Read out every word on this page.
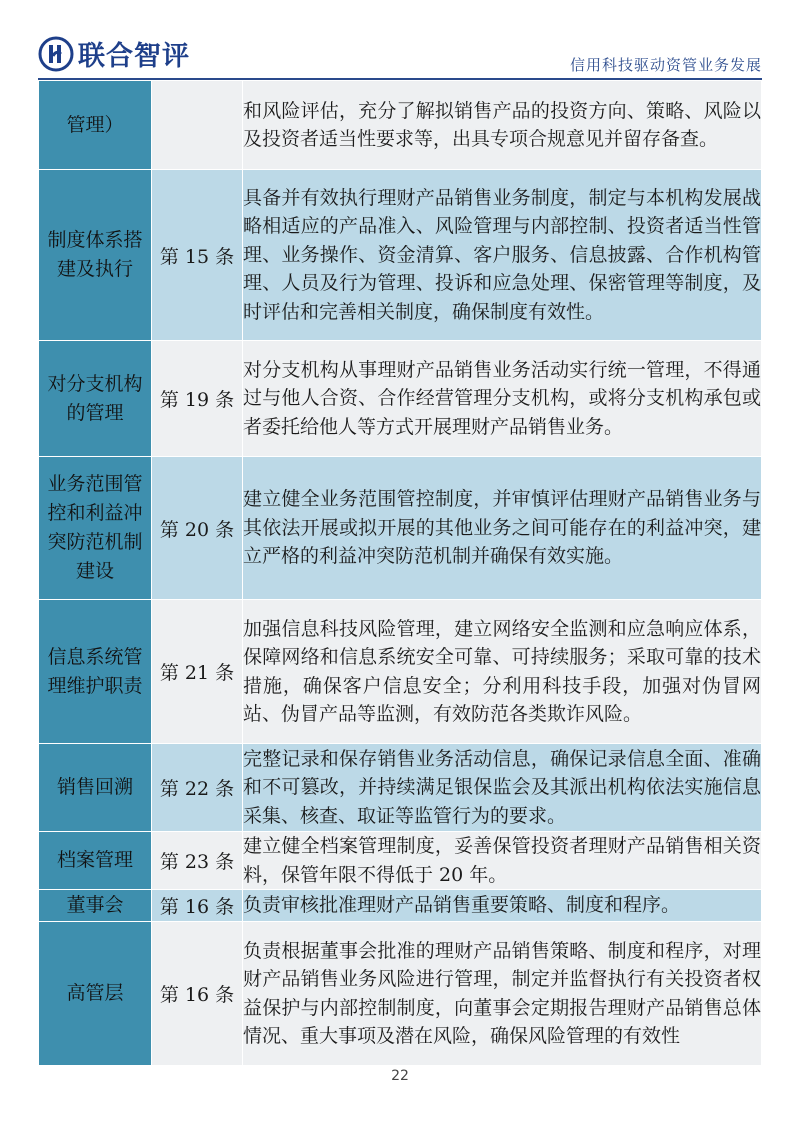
联合智评	信用科技驱动资管业务发展
管理）		和风险评估，充分了解拟销售产品的投资方向、策略、风险以及投资者适当性要求等，出具专项合规意见并留存备查。
制度体系搭建及执行	第 15 条	具备并有效执行理财产品销售业务制度，制定与本机构发展战略相适应的产品准入、风险管理与内部控制、投资者适当性管理、业务操作、资金清算、客户服务、信息披露、合作机构管理、人员及行为管理、投诉和应急处理、保密管理等制度，及时评估和完善相关制度，确保制度有效性。
对分支机构的管理	第 19 条	对分支机构从事理财产品销售业务活动实行统一管理，不得通过与他人合资、合作经营管理分支机构，或将分支机构承包或者委托给他人等方式开展理财产品销售业务。
业务范围管控和利益冲突防范机制建设	第 20 条	建立健全业务范围管控制度，并审慎评估理财产品销售业务与其依法开展或拟开展的其他业务之间可能存在的利益冲突，建立严格的利益冲突防范机制并确保有效实施。
信息系统管理维护职责	第 21 条	加强信息科技风险管理，建立网络安全监测和应急响应体系，保障网络和信息系统安全可靠、可持续服务；采取可靠的技术措施，确保客户信息安全；分利用科技手段，加强对伪冒网站、伪冒产品等监测，有效防范各类欺诈风险。
销售回溯	第 22 条	完整记录和保存销售业务活动信息，确保记录信息全面、准确和不可篡改，并持续满足银保监会及其派出机构依法实施信息采集、核查、取证等监管行为的要求。
档案管理	第 23 条	建立健全档案管理制度，妥善保管投资者理财产品销售相关资料，保管年限不得低于 20 年。
董事会	第 16 条	负责审核批准理财产品销售重要策略、制度和程序。
高管层	第 16 条	负责根据董事会批准的理财产品销售策略、制度和程序，对理财产品销售业务风险进行管理，制定并监督执行有关投资者权益保护与内部控制制度，向董事会定期报告理财产品销售总体情况、重大事项及潜在风险，确保风险管理的有效性
22
